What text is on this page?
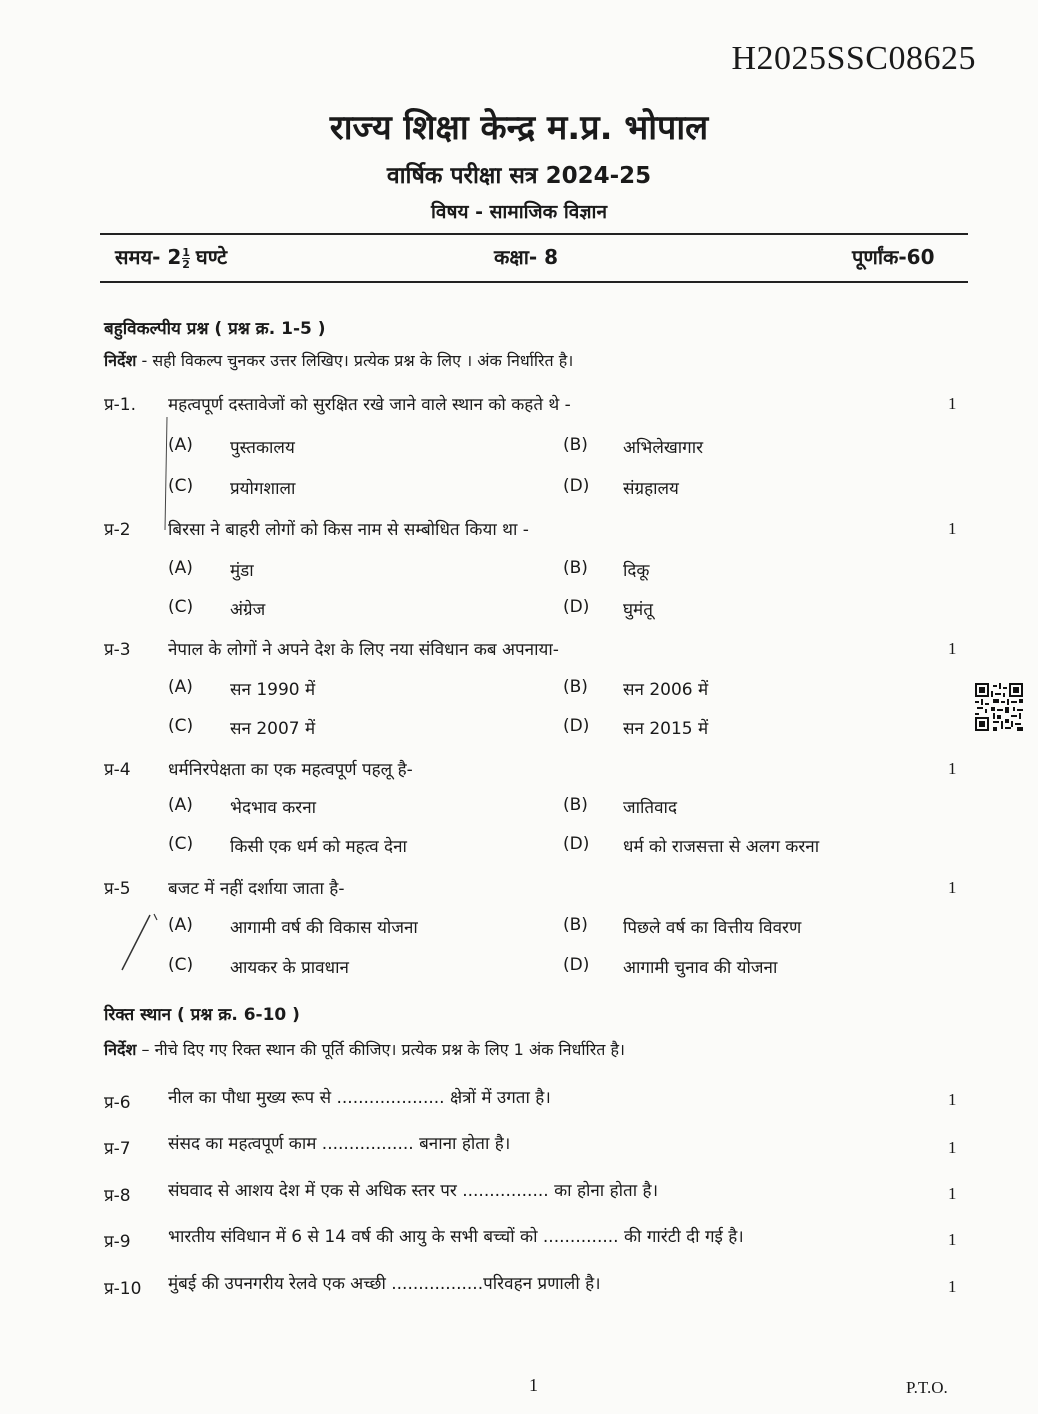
H2025SSC08625
राज्य शिक्षा केन्द्र म.प्र. भोपाल
वार्षिक परीक्षा सत्र 2024-25
विषय - सामाजिक विज्ञान
समय- $2 \frac{1}{2}$ घण्टे	कक्षा- 8	पूर्णांक-60
बहुविकल्पीय प्रश्न ( प्रश्न क्र. 1-5 )
निर्देश - सही विकल्प चुनकर उत्तर लिखिए। प्रत्येक प्रश्न के लिए । अंक निर्धारित है।
प्र-1. महत्वपूर्ण दस्तावेजों को सुरक्षित रखे जाने वाले स्थान को कहते थे -	1
(A) पुस्तकालय	(B) अभिलेखागार
(C) प्रयोगशाला	(D) संग्रहालय
प्र-2 बिरसा ने बाहरी लोगों को किस नाम से सम्बोधित किया था -	1
(A) मुंडा	(B) दिकू
(C) अंग्रेज	(D) घुमंतू
प्र-3 नेपाल के लोगों ने अपने देश के लिए नया संविधान कब अपनाया-	1
(A) सन 1990 में	(B) सन 2006 में
(C) सन 2007 में	(D) सन 2015 में
प्र-4 धर्मनिरपेक्षता का एक महत्वपूर्ण पहलू है-	1
(A) भेदभाव करना	(B) जातिवाद
(C) किसी एक धर्म को महत्व देना	(D) धर्म को राजसत्ता से अलग करना
प्र-5 बजट में नहीं दर्शाया जाता है-	1
(A) आगामी वर्ष की विकास योजना	(B) पिछले वर्ष का वित्तीय विवरण
(C) आयकर के प्रावधान	(D) आगामी चुनाव की योजना
रिक्त स्थान ( प्रश्न क्र. 6-10 )
निर्देश – नीचे दिए गए रिक्त स्थान की पूर्ति कीजिए। प्रत्येक प्रश्न के लिए 1 अंक निर्धारित है।
प्र-6 नील का पौधा मुख्य रूप से .................... क्षेत्रों में उगता है।	1
प्र-7 संसद का महत्वपूर्ण काम ................. बनाना होता है।	1
प्र-8 संघवाद से आशय देश में एक से अधिक स्तर पर ................ का होना होता है।	1
प्र-9 भारतीय संविधान में 6 से 14 वर्ष की आयु के सभी बच्चों को .............. की गारंटी दी गई है।	1
प्र-10 मुंबई की उपनगरीय रेलवे एक अच्छी .................परिवहन प्रणाली है।	1
1	P.T.O.
